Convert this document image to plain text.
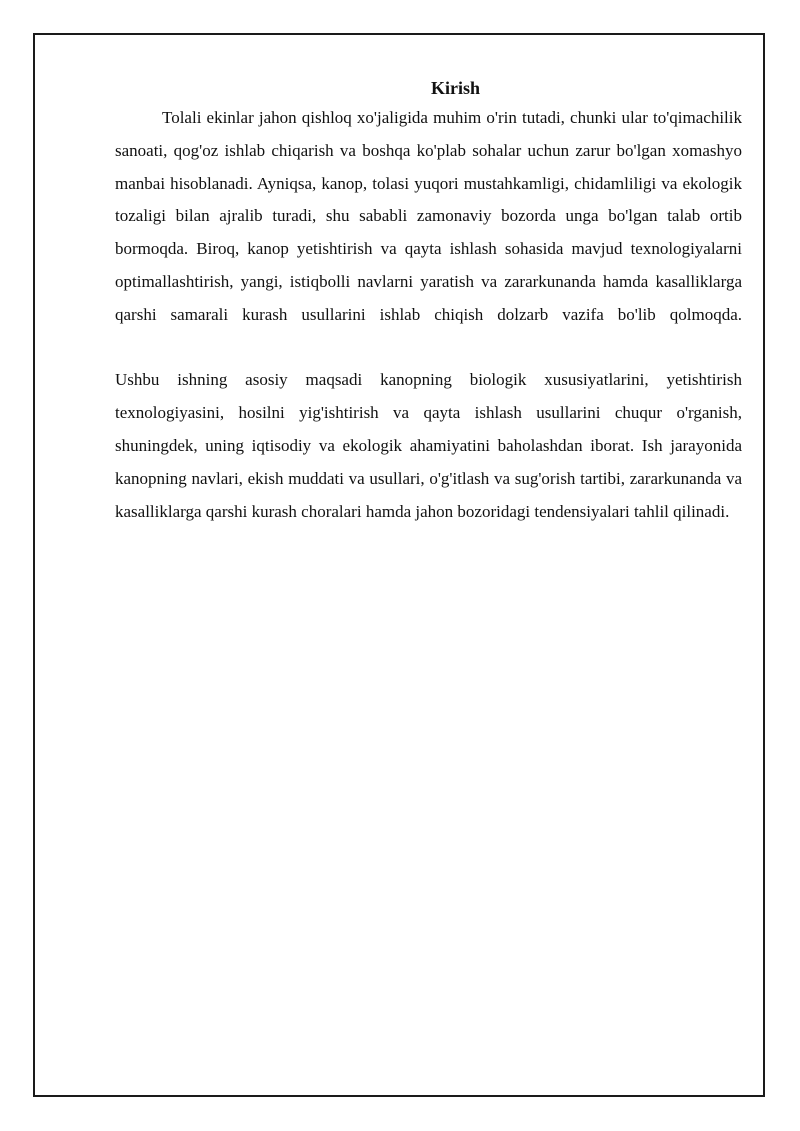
Kirish

Tolali ekinlar jahon qishloq xo'jaligida muhim o'rin tutadi, chunki ular to'qimachilik sanoati, qog'oz ishlab chiqarish va boshqa ko'plab sohalar uchun zarur bo'lgan xomashyo manbai hisoblanadi. Ayniqsa, kanop, tolasi yuqori mustahkamligi, chidamliligi va ekologik tozaligi bilan ajralib turadi, shu sababli zamonaviy bozorda unga bo'lgan talab ortib bormoqda. Biroq, kanop yetishtirish va qayta ishlash sohasida mavjud texnologiyalarni optimallashtirish, yangi, istiqbolli navlarni yaratish va zararkunanda hamda kasalliklarga qarshi samarali kurash usullarini ishlab chiqish dolzarb vazifa bo'lib qolmoqda.

Ushbu ishning asosiy maqsadi kanopning biologik xususiyatlarini, yetishtirish texnologiyasini, hosilni yig'ishtirish va qayta ishlash usullarini chuqur o'rganish, shuningdek, uning iqtisodiy va ekologik ahamiyatini baholashdan iborat. Ish jarayonida kanopning navlari, ekish muddati va usullari, o'g'itlash va sug'orish tartibi, zararkunanda va kasalliklarga qarshi kurash choralari hamda jahon bozoridagi tendensiyalari tahlil qilinadi.
